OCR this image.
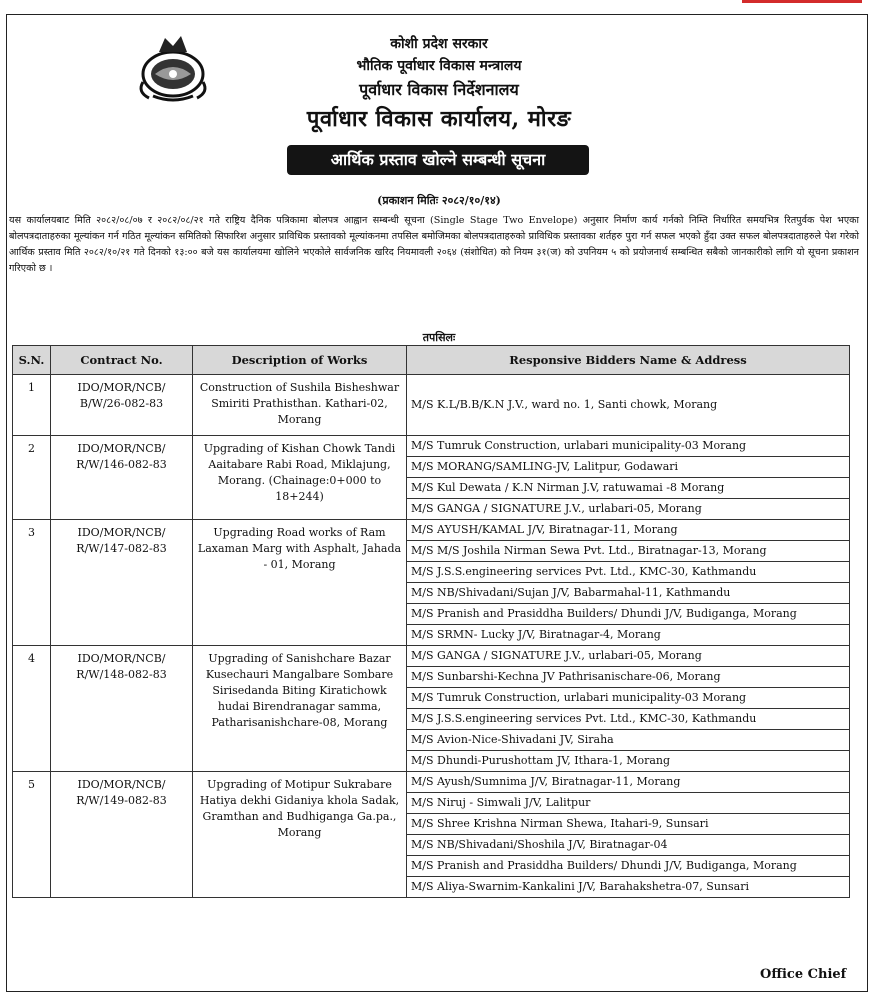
कोशी प्रदेश सरकार
भौतिक पूर्वाधार विकास मन्त्रालय
पूर्वाधार विकास निर्देशनालय
पूर्वाधार विकास कार्यालय, मोरङ
आर्थिक प्रस्ताव खोल्ने सम्बन्धी सूचना
(प्रकाशन मितिः २०८२/१०/१४)

यस कार्यालयबाट मिति २०८२/०८/०७ र २०८२/०८/२१ गते राष्ट्रिय दैनिक पत्रिकामा बोलपत्र आह्वान सम्बन्धी सूचना (Single Stage Two Envelope) अनुसार निर्माण कार्य गर्नको निम्ति निर्धारित समयभित्र रितपुर्वक पेश भएका बोलपत्रदाताहरुका मूल्यांकन गर्न गठित मूल्यांकन समितिको सिफारिश अनुसार प्राविधिक प्रस्तावको मूल्यांकनमा तपसिल बमोजिमका बोलपत्रदाताहरुको प्राविधिक प्रस्तावका शर्तहरु पुरा गर्न सफल भएको हुँदा उक्त सफल बोलपत्रदाताहरुले पेश गरेको आर्थिक प्रस्ताव मिति २०८२/१०/२१ गते दिनको १३:०० बजे यस कार्यालयमा खोलिने भएकोले सार्वजनिक खरिद नियमावली २०६४ (संशोधित) को नियम ३१(ज) को उपनियम ५ को प्रयोजनार्थ सम्बन्धित सबैको जानकारीको लागि यो सूचना प्रकाशन गरिएको छ ।

तपसिलः
S.N.	Contract No.	Description of Works	Responsive Bidders Name & Address
1	IDO/MOR/NCB/ B/W/26-082-83	Construction of Sushila Bisheshwar Smiriti Prathisthan. Kathari-02, Morang	M/S K.L/B.B/K.N J.V., ward no. 1, Santi chowk, Morang
2	IDO/MOR/NCB/ R/W/146-082-83	Upgrading of Kishan Chowk Tandi Aaitabare Rabi Road, Miklajung, Morang. (Chainage:0+000 to 18+244)	M/S Tumruk Construction, urlabari municipality-03 Morang
			M/S MORANG/SAMLING-JV, Lalitpur, Godawari
			M/S Kul Dewata / K.N Nirman J.V, ratuwamai -8 Morang
			M/S GANGA / SIGNATURE J.V., urlabari-05, Morang
3	IDO/MOR/NCB/ R/W/147-082-83	Upgrading Road works of Ram Laxaman Marg with Asphalt, Jahada - 01, Morang	M/S AYUSH/KAMAL J/V, Biratnagar-11, Morang
			M/S M/S Joshila Nirman Sewa Pvt. Ltd., Biratnagar-13, Morang
			M/S J.S.S.engineering services Pvt. Ltd., KMC-30, Kathmandu
			M/S NB/Shivadani/Sujan J/V, Babarmahal-11, Kathmandu
			M/S Pranish and Prasiddha Builders/ Dhundi J/V, Budiganga, Morang
			M/S SRMN- Lucky J/V, Biratnagar-4, Morang
4	IDO/MOR/NCB/ R/W/148-082-83	Upgrading of Sanishchare Bazar Kusechauri Mangalbare Sombare Sirisedanda Biting Kiratichowk hudai Birendranagar samma, Patharisanishchare-08, Morang	M/S GANGA / SIGNATURE J.V., urlabari-05, Morang
			M/S Sunbarshi-Kechna JV Pathrisanischare-06, Morang
			M/S Tumruk Construction, urlabari municipality-03 Morang
			M/S J.S.S.engineering services Pvt. Ltd., KMC-30, Kathmandu
			M/S Avion-Nice-Shivadani JV, Siraha
			M/S Dhundi-Purushottam JV, Ithara-1, Morang
5	IDO/MOR/NCB/ R/W/149-082-83	Upgrading of Motipur Sukrabare Hatiya dekhi Gidaniya khola Sadak, Gramthan and Budhiganga Ga.pa., Morang	M/S Ayush/Sumnima J/V, Biratnagar-11, Morang
			M/S Niruj - Simwali J/V, Lalitpur
			M/S Shree Krishna Nirman Shewa, Itahari-9, Sunsari
			M/S NB/Shivadani/Shoshila J/V, Biratnagar-04
			M/S Pranish and Prasiddha Builders/ Dhundi J/V, Budiganga, Morang
			M/S Aliya-Swarnim-Kankalini J/V, Barahakshetra-07, Sunsari
Office Chief
